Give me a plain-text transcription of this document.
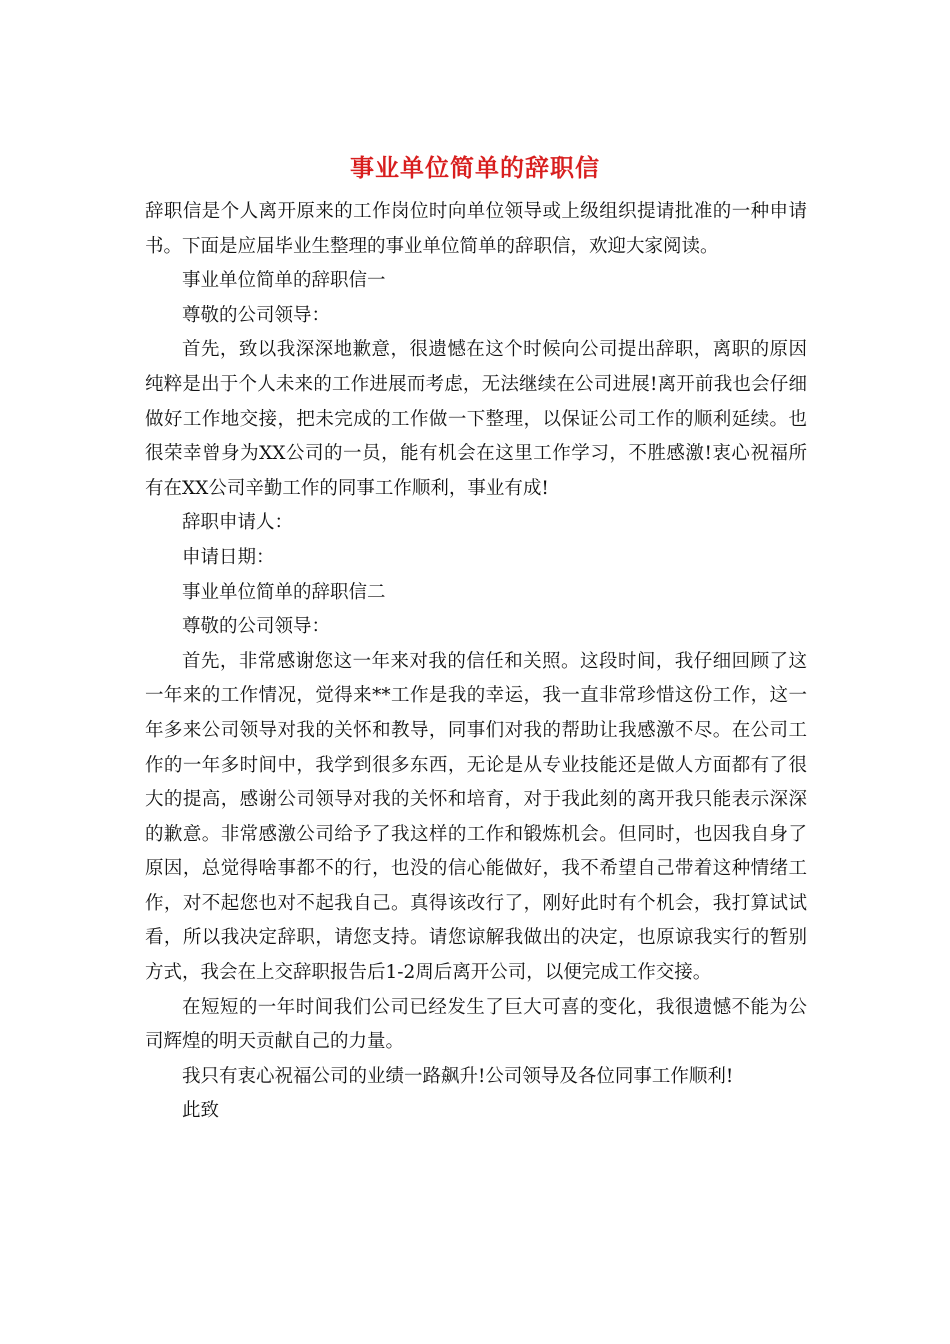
事业单位简单的辞职信

辞职信是个人离开原来的工作岗位时向单位领导或上级组织提请批准的一种申请书。下面是应届毕业生整理的事业单位简单的辞职信，欢迎大家阅读。

事业单位简单的辞职信一

尊敬的公司领导：

首先，致以我深深地歉意，很遗憾在这个时候向公司提出辞职，离职的原因纯粹是出于个人未来的工作进展而考虑，无法继续在公司进展!离开前我也会仔细做好工作地交接，把未完成的工作做一下整理，以保证公司工作的顺利延续。也很荣幸曾身为XX公司的一员，能有机会在这里工作学习，不胜感激!衷心祝福所有在XX公司辛勤工作的同事工作顺利，事业有成!

辞职申请人：

申请日期：

事业单位简单的辞职信二

尊敬的公司领导：

首先，非常感谢您这一年来对我的信任和关照。这段时间，我仔细回顾了这一年来的工作情况，觉得来**工作是我的幸运，我一直非常珍惜这份工作，这一年多来公司领导对我的关怀和教导，同事们对我的帮助让我感激不尽。在公司工作的一年多时间中，我学到很多东西，无论是从专业技能还是做人方面都有了很大的提高，感谢公司领导对我的关怀和培育，对于我此刻的离开我只能表示深深的歉意。非常感激公司给予了我这样的工作和锻炼机会。但同时，也因我自身了原因，总觉得啥事都不的行，也没的信心能做好，我不希望自己带着这种情绪工作，对不起您也对不起我自己。真得该改行了，刚好此时有个机会，我打算试试看，所以我决定辞职，请您支持。请您谅解我做出的决定，也原谅我实行的暂别方式，我会在上交辞职报告后1-2周后离开公司，以便完成工作交接。

在短短的一年时间我们公司已经发生了巨大可喜的变化，我很遗憾不能为公司辉煌的明天贡献自己的力量。

我只有衷心祝福公司的业绩一路飙升!公司领导及各位同事工作顺利!

此致
